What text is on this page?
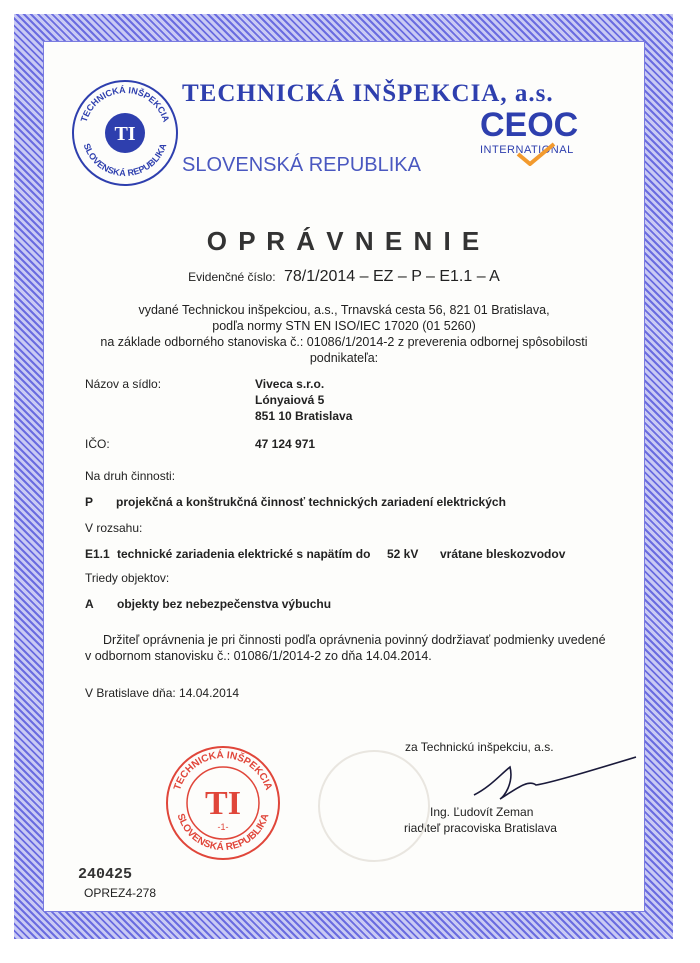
TECHNICKÁ INŠPEKCIA
SLOVENSKÁ REPUBLIKA
TI
TECHNICKÁ INŠPEKCIA, a.s.
SLOVENSKÁ REPUBLIKA
CEOC
INTERNATIONAL
O P R Á V N E N I E
Evidenčné číslo: 78/1/2014 – EZ – P – E1.1 – A
vydané Technickou inšpekciou, a.s., Trnavská cesta 56, 821 01 Bratislava,
podľa normy STN EN ISO/IEC 17020 (01 5260)
na základe odborného stanoviska č.: 01086/1/2014-2 z preverenia odbornej spôsobilosti
podnikateľa:
Názov a sídlo:	Viveca s.r.o.
Lónyaiová 5
851 10 Bratislava
IČO:	47 124 971
Na druh činnosti:
P projekčná a konštrukčná činnosť technických zariadení elektrických
V rozsahu:
E1.1 technické zariadenia elektrické s napätím do 52 kV vrátane bleskozvodov
Triedy objektov:
A objekty bez nebezpečenstva výbuchu
Držiteľ oprávnenia je pri činnosti podľa oprávnenia povinný dodržiavať podmienky uvedené
v odbornom stanovisku č.: 01086/1/2014-2 zo dňa 14.04.2014.
V Bratislave dňa: 14.04.2014
za Technickú inšpekciu, a.s.
Ing. Ľudovít Zeman
riaditeľ pracoviska Bratislava
TECHNICKÁ INŠPEKCIA
SLOVENSKÁ REPUBLIKA
TI
-1-
240425
OPREZ4-278
